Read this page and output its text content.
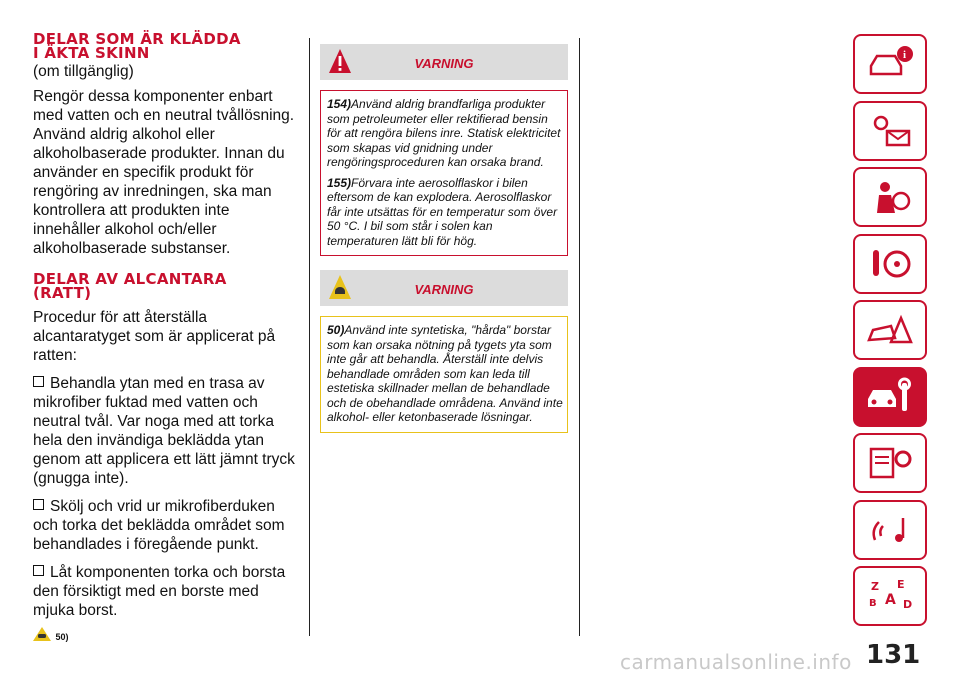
DELAR SOM ÄR KLÄDDA
I ÄKTA SKINN

(om tillgänglig)

Rengör dessa komponenter enbart med vatten och en neutral tvållösning. Använd aldrig alkohol eller alkoholbaserade produkter. Innan du använder en specifik produkt för rengöring av inredningen, ska man kontrollera att produkten inte innehåller alkohol och/eller alkoholbaserade substanser.

DELAR AV ALCANTARA
(RATT)

Procedur för att återställa alcantaratyget som är applicerat på ratten:

Behandla ytan med en trasa av mikrofiber fuktad med vatten och neutral tvål. Var noga med att torka hela den invändiga beklädda ytan genom att applicera ett lätt jämnt tryck (gnugga inte).

Skölj och vrid ur mikrofiberduken och torka det beklädda området som behandlades i föregående punkt.

Låt komponenten torka och borsta den försiktigt med en borste med mjuka borst.

50)
VARNING

154)Använd aldrig brandfarliga produkter som petroleumeter eller rektifierad bensin för att rengöra bilens inre. Statisk elektricitet som skapas vid gnidning under rengöringsproceduren kan orsaka brand.

155)Förvara inte aerosolflaskor i bilen eftersom de kan explodera. Aerosolflaskor får inte utsättas för en temperatur som över 50 °C. I bil som står i solen kan temperaturen lätt bli för hög.

VARNING

50)Använd inte syntetiska, "hårda" borstar som kan orsaka nötning på tygets yta som inte går att behandla. Återställ inte delvis behandlade områden som kan leda till estetiska skillnader mellan de behandlade och de obehandlade områdena. Använd inte alkohol- eller ketonbaserade lösningar.

i
Z E
A
B D
131
carmanualsonline.info
